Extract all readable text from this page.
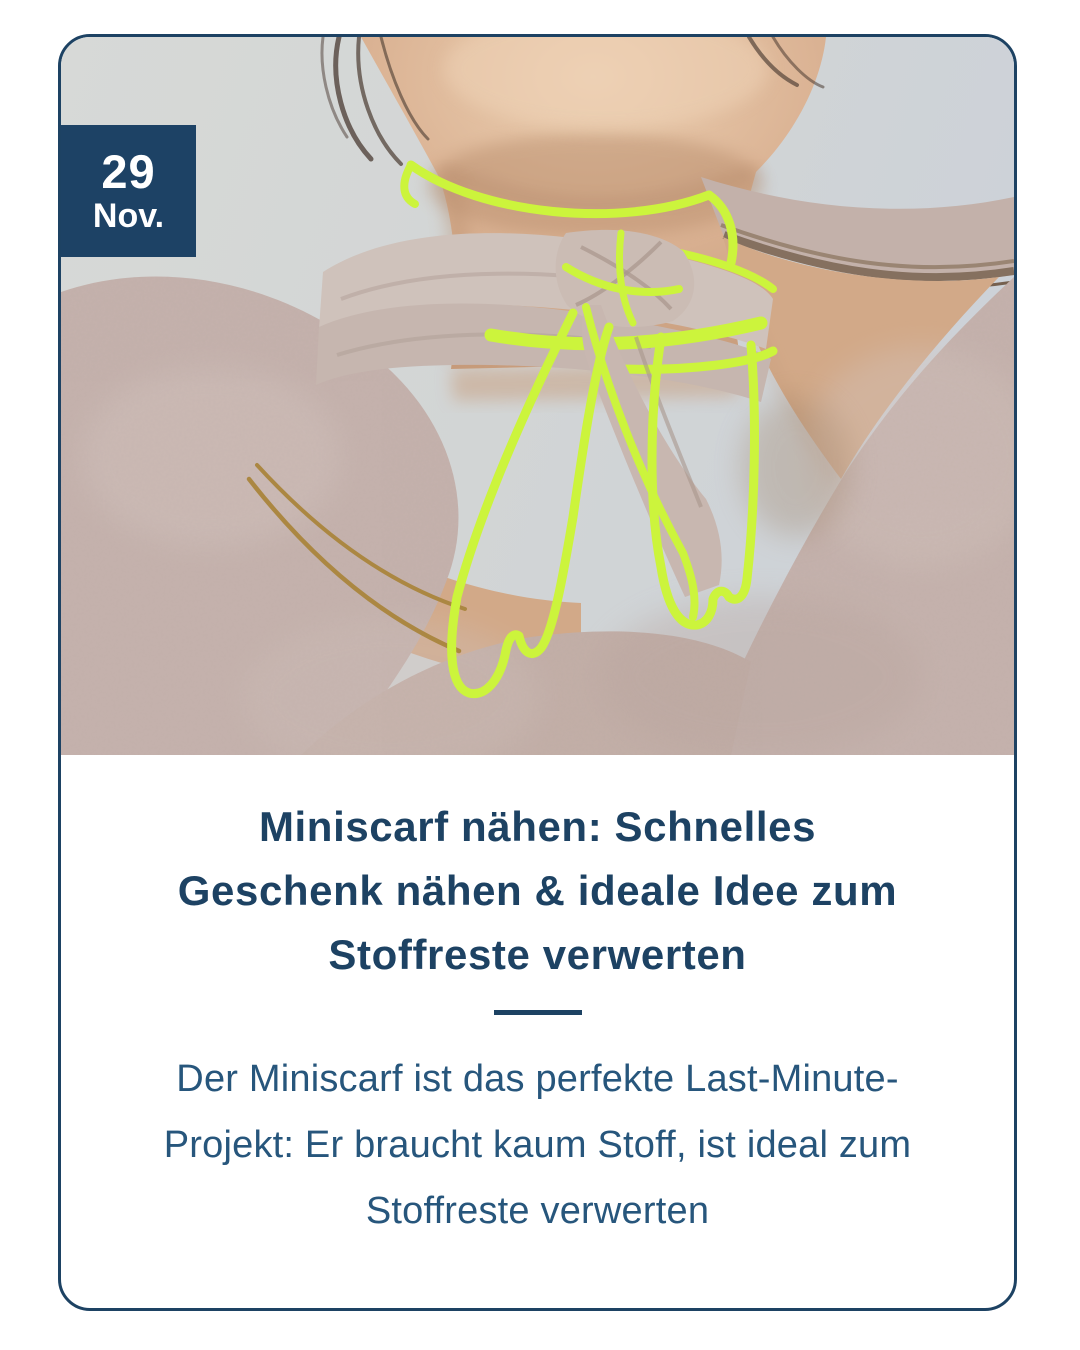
29
Nov.
Miniscarf nähen: Schnelles
Geschenk nähen & ideale Idee zum
Stoffreste verwerten

Der Miniscarf ist das perfekte Last-Minute-
Projekt: Er braucht kaum Stoff, ist ideal zum
Stoffreste verwerten
